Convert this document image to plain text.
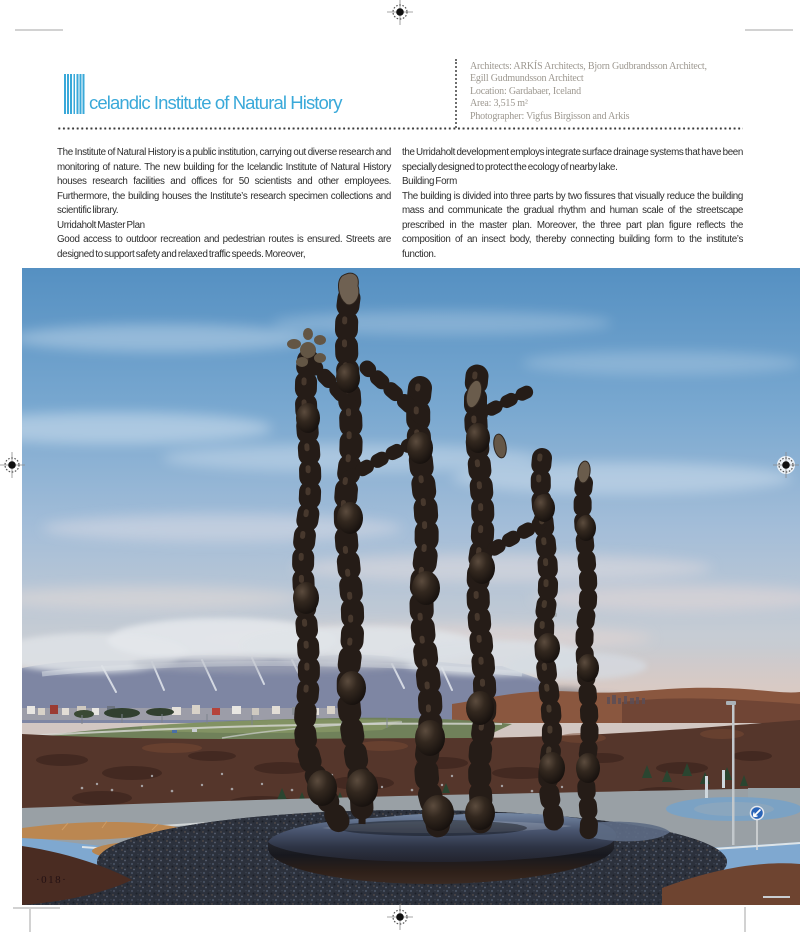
celandic Institute of Natural History
Architects: ARKÍS Architects, Bjorn Gudbrandsson Architect,
Egill Gudmundsson Architect
Location: Gardabaer, Iceland
Area: 3,515 m²
Photographer: Vigfus Birgisson and Arkis

The Institute of Natural History is a public institution, carrying out diverse research and monitoring of nature. The new building for the Icelandic Institute of Natural History houses research facilities and offices for 50 scientists and other employees. Furthermore, the building houses the Institute’s research specimen collections and scientific library.

Urridaholt Master Plan

Good access to outdoor recreation and pedestrian routes is ensured. Streets are designed to support safety and relaxed traffic speeds. Moreover,

the Urridaholt development employs integrate surface drainage systems that have been specially designed to protect the ecology of nearby lake.

Building Form

The building is divided into three parts by two fissures that visually reduce the building mass and communicate the gradual rhythm and human scale of the streetscape prescribed in the master plan. Moreover, the three part plan figure reflects the composition of an insect body, thereby connecting building form to the institute’s function.

·018·
